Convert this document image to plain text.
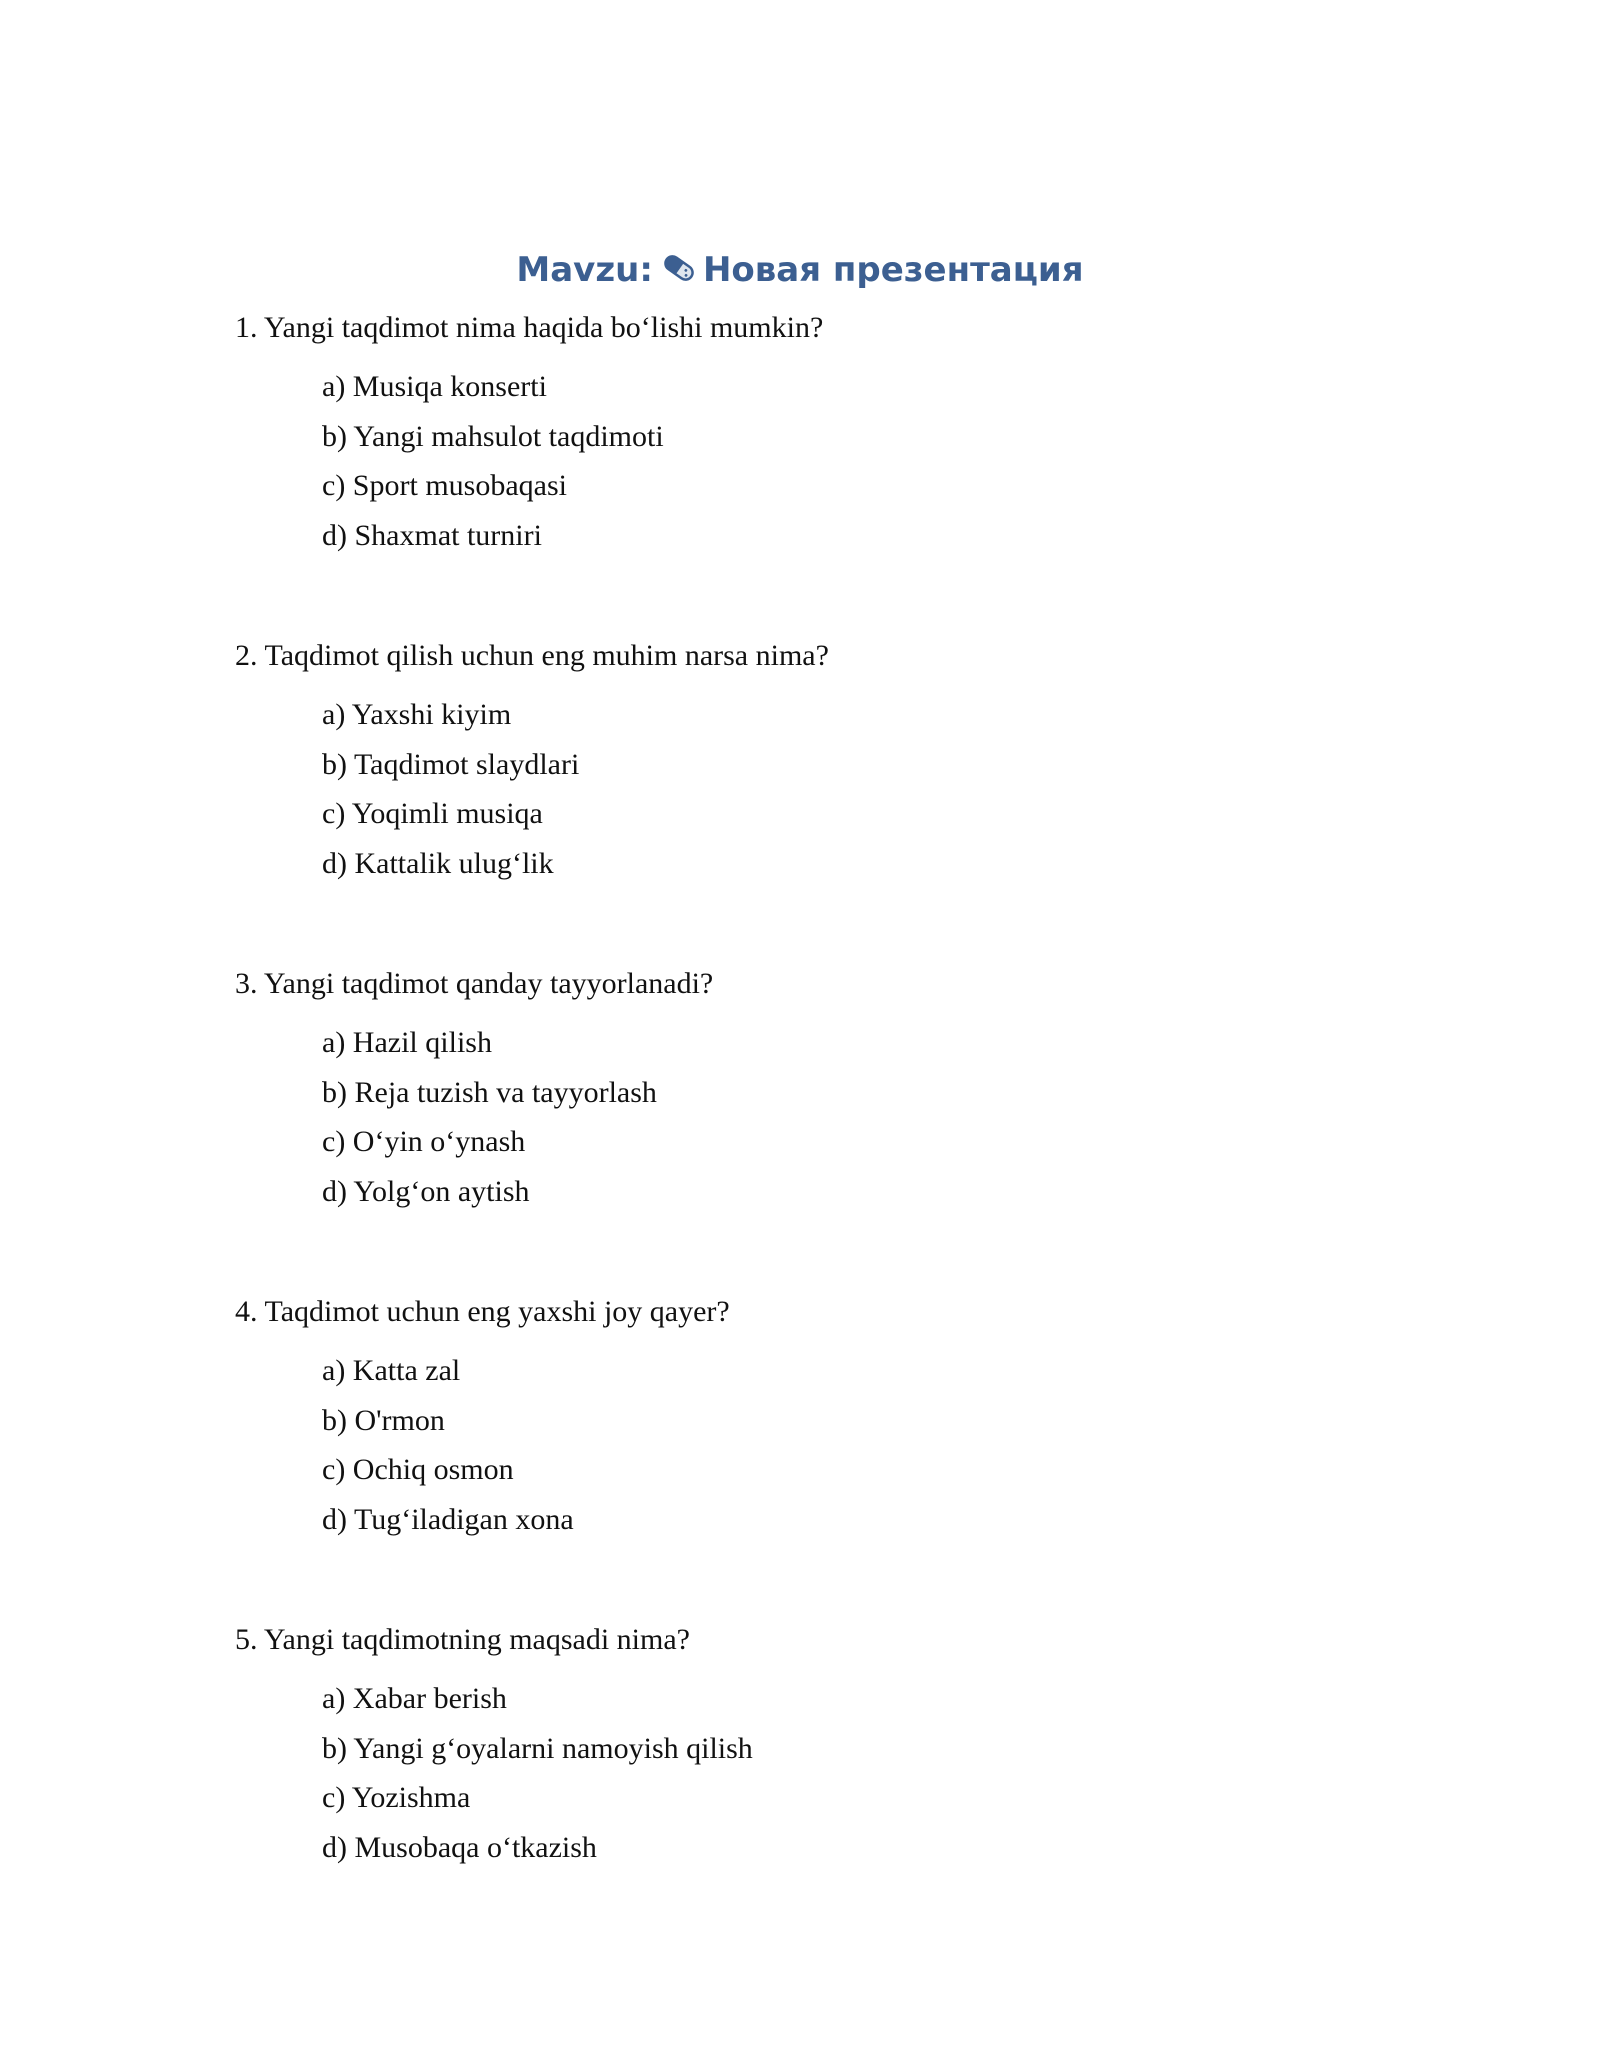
Mavzu: Новая презентация
1. Yangi taqdimot nima haqida bo‘lishi mumkin?
a) Musiqa konserti
b) Yangi mahsulot taqdimoti
c) Sport musobaqasi
d) Shaxmat turniri
2. Taqdimot qilish uchun eng muhim narsa nima?
a) Yaxshi kiyim
b) Taqdimot slaydlari
c) Yoqimli musiqa
d) Kattalik ulug‘lik
3. Yangi taqdimot qanday tayyorlanadi?
a) Hazil qilish
b) Reja tuzish va tayyorlash
c) O‘yin o‘ynash
d) Yolg‘on aytish
4. Taqdimot uchun eng yaxshi joy qayer?
a) Katta zal
b) O'rmon
c) Ochiq osmon
d) Tug‘iladigan xona
5. Yangi taqdimotning maqsadi nima?
a) Xabar berish
b) Yangi g‘oyalarni namoyish qilish
c) Yozishma
d) Musobaqa o‘tkazish
